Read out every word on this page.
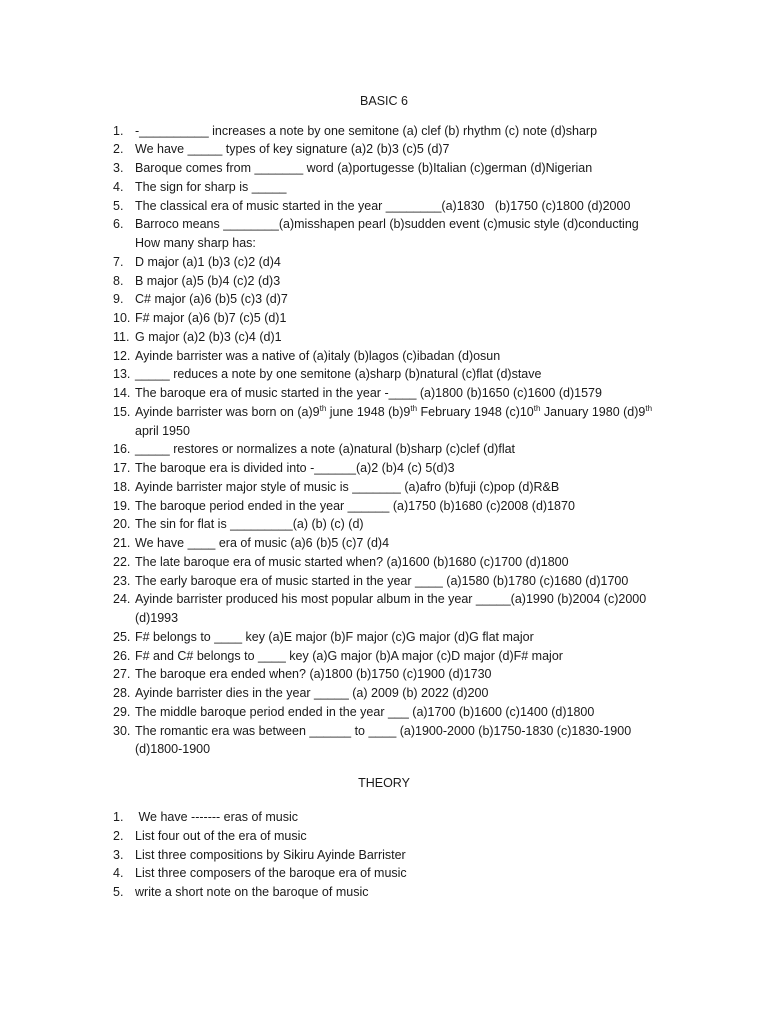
BASIC 6
1. -__________ increases a note by one semitone (a) clef (b) rhythm (c) note (d)sharp
2. We have _____ types of key signature (a)2 (b)3 (c)5 (d)7
3. Baroque comes from _______ word (a)portugesse (b)Italian (c)german (d)Nigerian
4. The sign for sharp is _____
5. The classical era of music started in the year ________(a)1830   (b)1750 (c)1800 (d)2000
6. Barroco means ________(a)misshapen pearl (b)sudden event (c)music style (d)conducting
How many sharp has:
7. D major (a)1 (b)3 (c)2 (d)4
8. B major (a)5 (b)4 (c)2 (d)3
9. C# major (a)6 (b)5 (c)3 (d)7
10. F# major (a)6 (b)7 (c)5 (d)1
11. G major (a)2 (b)3 (c)4 (d)1
12. Ayinde barrister was a native of (a)italy (b)lagos (c)ibadan (d)osun
13. _____ reduces a note by one semitone (a)sharp (b)natural (c)flat (d)stave
14. The baroque era of music started in the year -____ (a)1800 (b)1650 (c)1600 (d)1579
15. Ayinde barrister was born on (a)9th june 1948 (b)9th February 1948 (c)10th January 1980 (d)9th
april 1950
16. _____ restores or normalizes a note (a)natural (b)sharp (c)clef (d)flat
17. The baroque era is divided into -______(a)2 (b)4 (c) 5(d)3
18. Ayinde barrister major style of music is _______ (a)afro (b)fuji (c)pop (d)R&B
19. The baroque period ended in the year ______ (a)1750 (b)1680 (c)2008 (d)1870
20. The sin for flat is _________(a) (b) (c) (d)
21. We have ____ era of music (a)6 (b)5 (c)7 (d)4
22. The late baroque era of music started when? (a)1600 (b)1680 (c)1700 (d)1800
23. The early baroque era of music started in the year ____ (a)1580 (b)1780 (c)1680 (d)1700
24. Ayinde barrister produced his most popular album in the year _____(a)1990 (b)2004 (c)2000
(d)1993
25. F# belongs to ____ key (a)E major (b)F major (c)G major (d)G flat major
26. F# and C# belongs to ____ key (a)G major (b)A major (c)D major (d)F# major
27. The baroque era ended when? (a)1800 (b)1750 (c)1900 (d)1730
28. Ayinde barrister dies in the year _____ (a) 2009 (b) 2022 (d)200
29. The middle baroque period ended in the year ___ (a)1700 (b)1600 (c)1400 (d)1800
30. The romantic era was between ______ to ____ (a)1900-2000 (b)1750-1830 (c)1830-1900
(d)1800-1900
THEORY
1. We have ------- eras of music
2. List four out of the era of music
3. List three compositions by Sikiru Ayinde Barrister
4. List three composers of the baroque era of music
5. write a short note on the baroque of music
